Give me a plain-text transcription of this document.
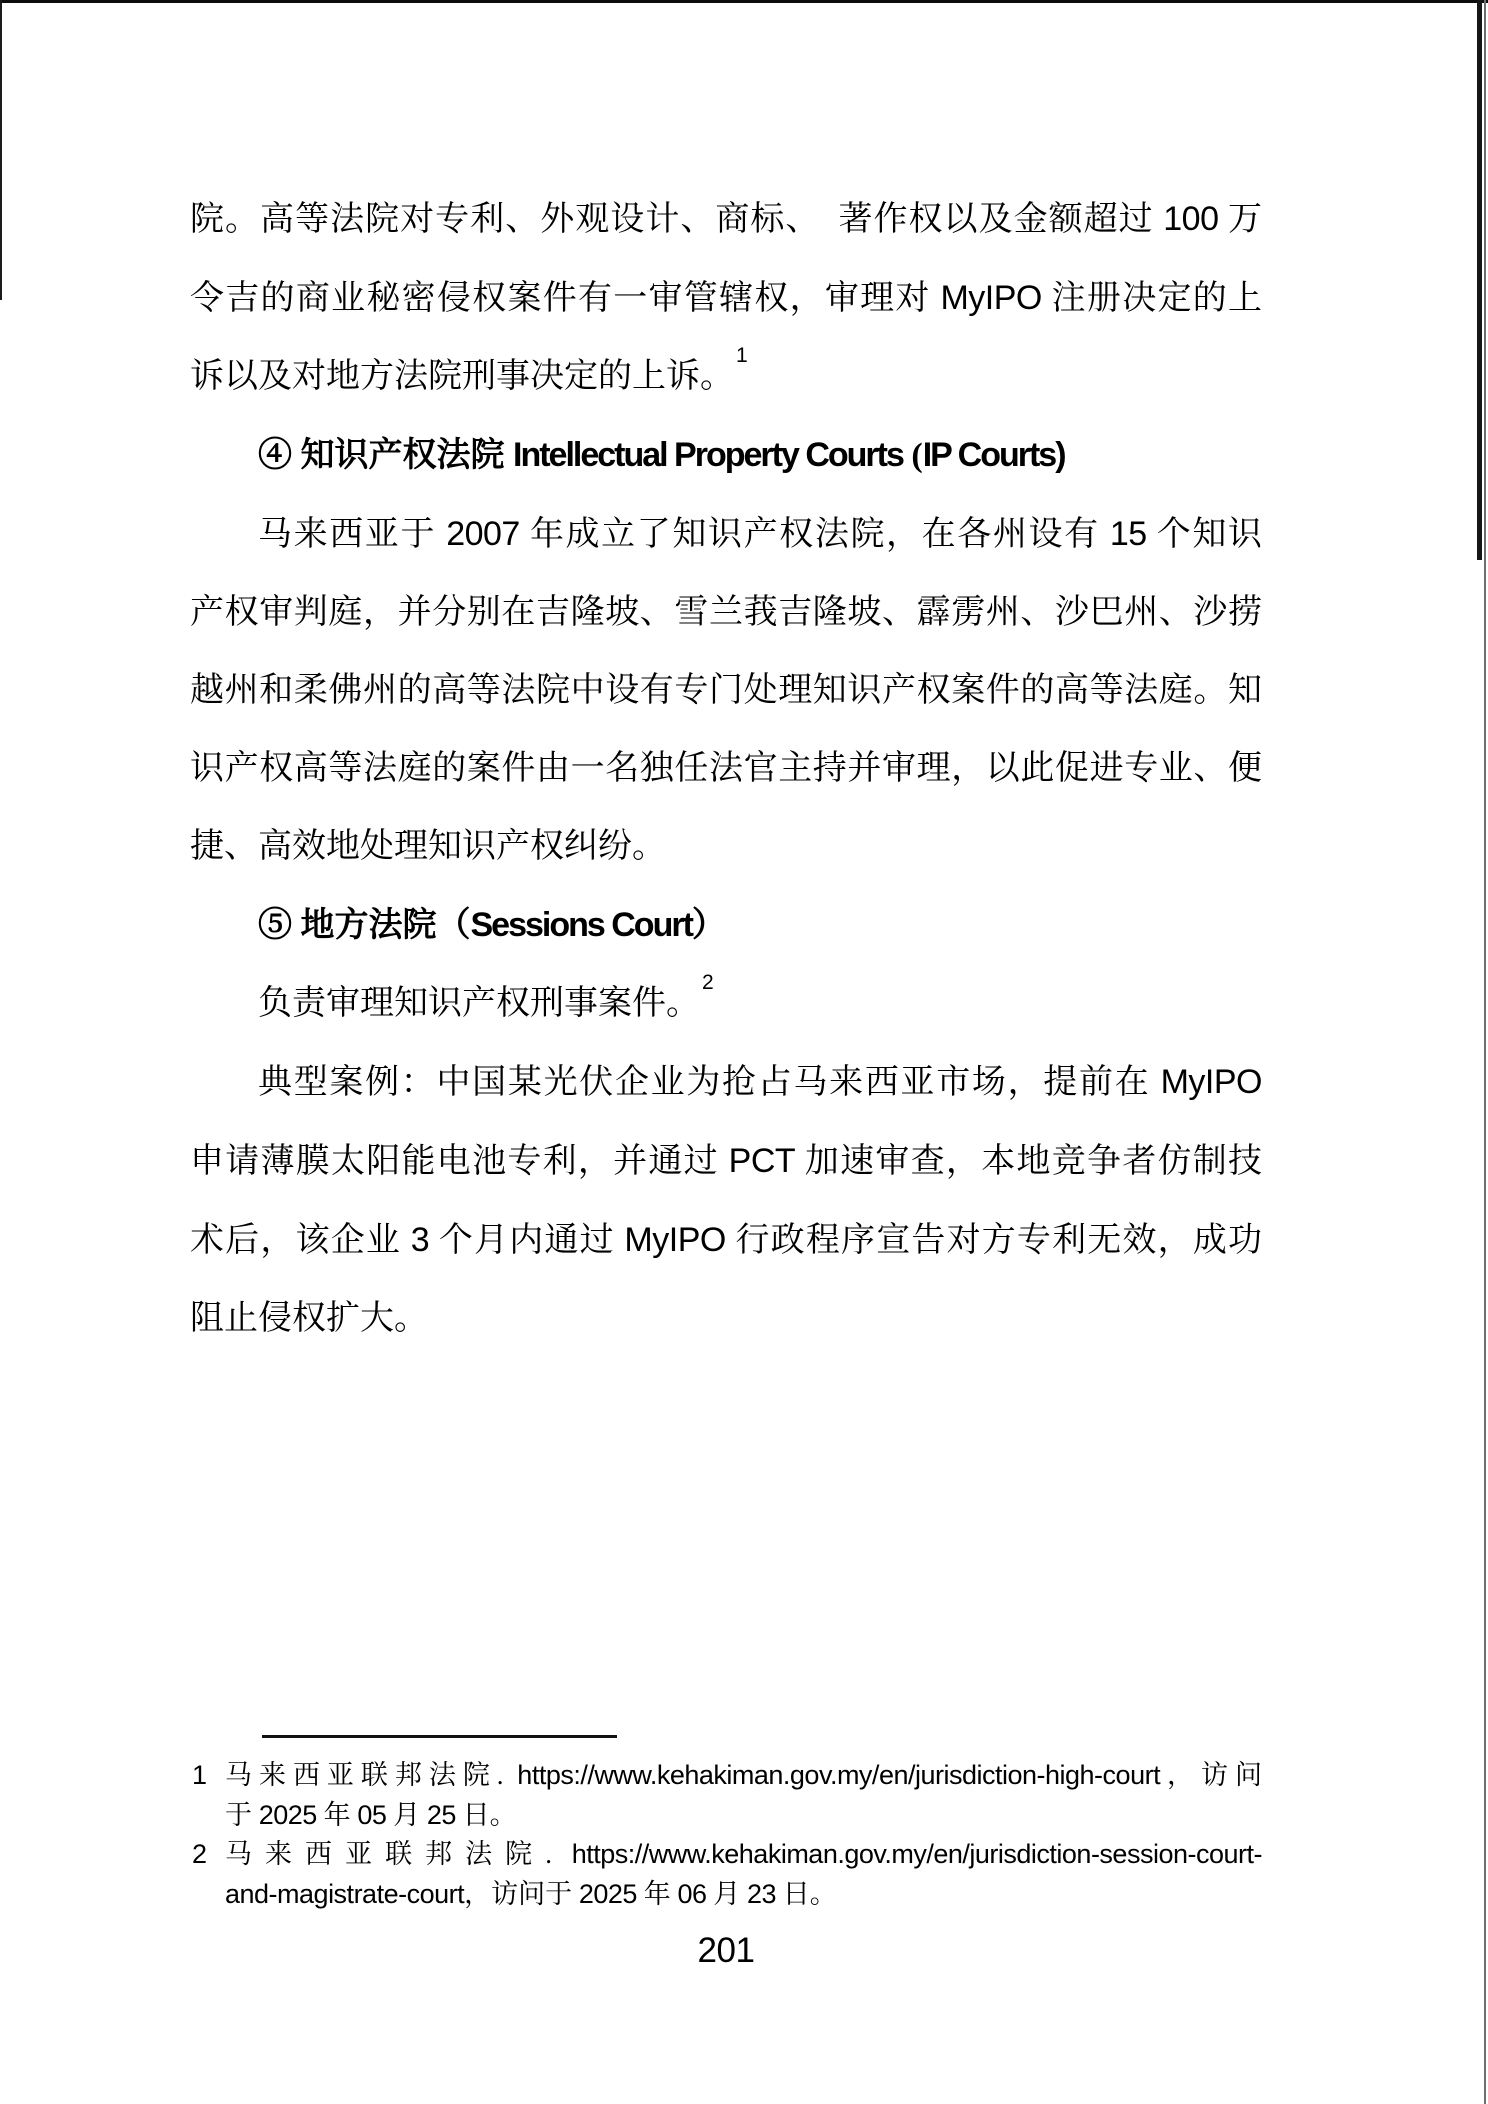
院。高等法院对专利、外观设计、商标、　著作权以及金额超过 100 万

令吉的商业秘密侵权案件有一审管辖权，审理对 MyIPO 注册决定的上

诉以及对地方法院刑事决定的上诉。$^1$

④ 知识产权法院 Intellectual Property Courts (IP Courts)

马来西亚于 2007 年成立了知识产权法院，在各州设有 15 个知识

产权审判庭，并分别在吉隆坡、雪兰莪吉隆坡、霹雳州、沙巴州、沙捞

越州和柔佛州的高等法院中设有专门处理知识产权案件的高等法庭。知

识产权高等法庭的案件由一名独任法官主持并审理，以此促进专业、便

捷、高效地处理知识产权纠纷。

⑤ 地方法院（Sessions Court）

负责审理知识产权刑事案件。$^2$

典型案例：中国某光伏企业为抢占马来西亚市场，提前在 MyIPO

申请薄膜太阳能电池专利，并通过 PCT 加速审查，本地竞争者仿制技

术后，该企业 3 个月内通过 MyIPO 行政程序宣告对方专利无效，成功

阻止侵权扩大。

1 马来西亚联邦法院. https://www.kehakiman.gov.my/en/jurisdiction-high-court，访问

于 2025 年 05 月 25 日。

2 马来西亚联邦法院. https://www.kehakiman.gov.my/en/jurisdiction-session-court-

and-magistrate-court，访问于 2025 年 06 月 23 日。

201
